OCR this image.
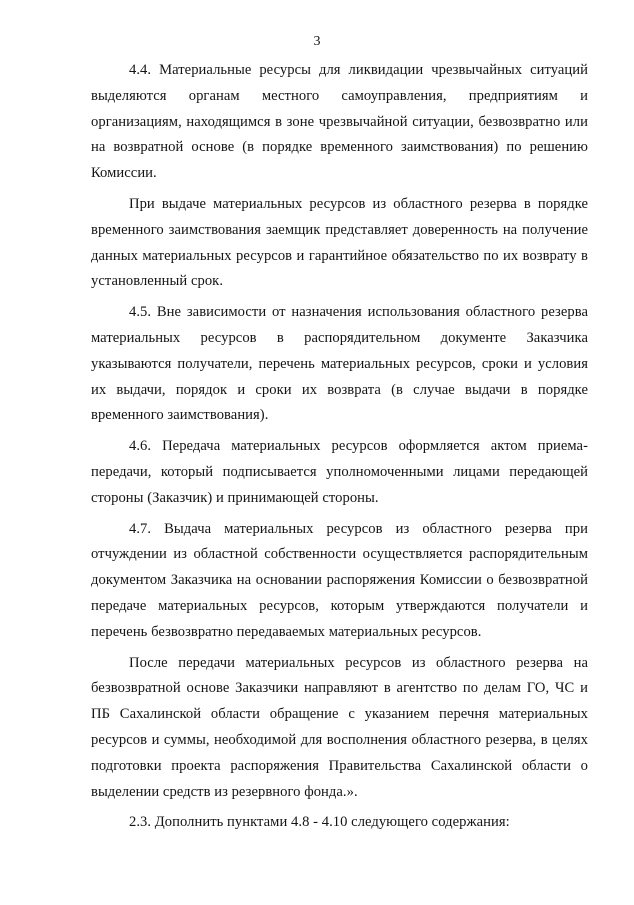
3

4.4. Материальные ресурсы для ликвидации чрезвычайных ситуаций выделяются органам местного самоуправления, предприятиям и организациям, находящимся в зоне чрезвычайной ситуации, безвозвратно или на возвратной основе (в порядке временного заимствования) по решению Комиссии.

При выдаче материальных ресурсов из областного резерва в порядке временного заимствования заемщик представляет доверенность на получение данных материальных ресурсов и гарантийное обязательство по их возврату в установленный срок.

4.5. Вне зависимости от назначения использования областного резерва материальных ресурсов в распорядительном документе Заказчика указываются получатели, перечень материальных ресурсов, сроки и условия их выдачи, порядок и сроки их возврата (в случае выдачи в порядке временного заимствования).

4.6. Передача материальных ресурсов оформляется актом приема-передачи, который подписывается уполномоченными лицами передающей стороны (Заказчик) и принимающей стороны.

4.7. Выдача материальных ресурсов из областного резерва при отчуждении из областной собственности осуществляется распорядительным документом Заказчика на основании распоряжения Комиссии о безвозвратной передаче материальных ресурсов, которым утверждаются получатели и перечень безвозвратно передаваемых материальных ресурсов.

После передачи материальных ресурсов из областного резерва на безвозвратной основе Заказчики направляют в агентство по делам ГО, ЧС и ПБ Сахалинской области обращение с указанием перечня материальных ресурсов и суммы, необходимой для восполнения областного резерва, в целях подготовки проекта распоряжения Правительства Сахалинской области о выделении средств из резервного фонда.».

2.3. Дополнить пунктами 4.8 - 4.10 следующего содержания:
